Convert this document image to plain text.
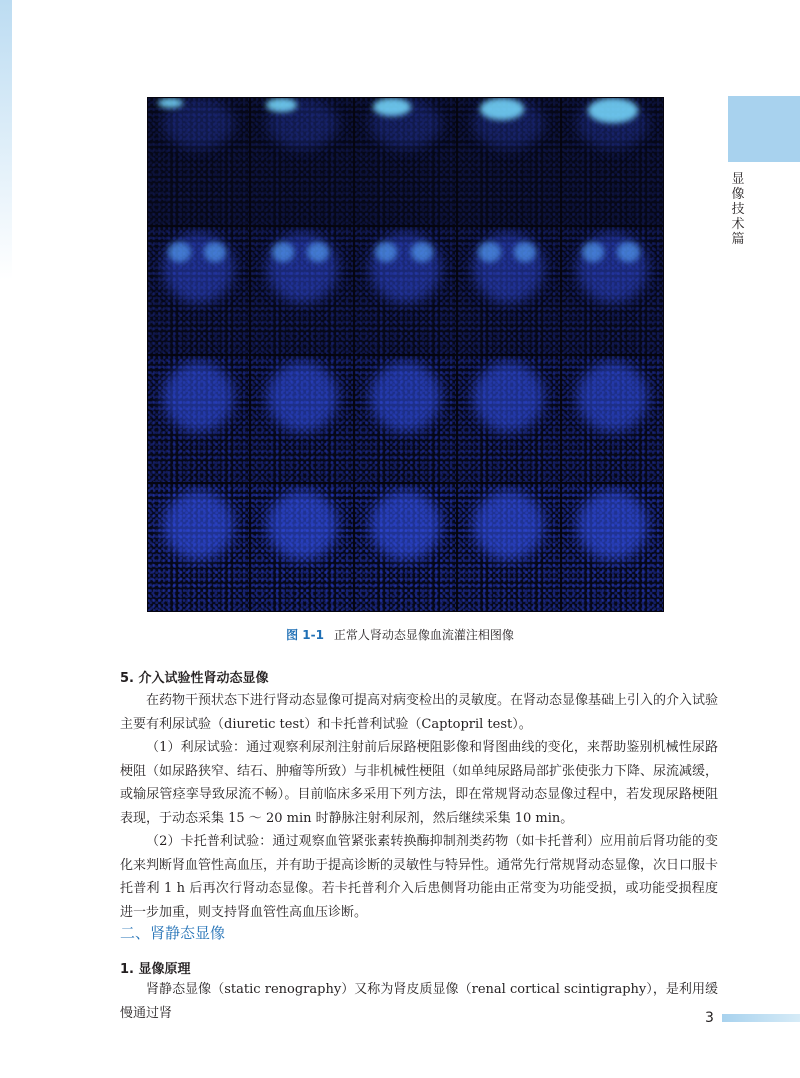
显像技术篇
L	R
图 1-1 正常人肾动态显像血流灌注相图像
5. 介入试验性肾动态显像

在药物干预状态下进行肾动态显像可提高对病变检出的灵敏度。在肾动态显像基础上引入的介入试验主要有利尿试验（diuretic test）和卡托普利试验（Captopril test）。

（1）利尿试验：通过观察利尿剂注射前后尿路梗阻影像和肾图曲线的变化，来帮助鉴别机械性尿路梗阻（如尿路狭窄、结石、肿瘤等所致）与非机械性梗阻（如单纯尿路局部扩张使张力下降、尿流减缓，或输尿管痉挛导致尿流不畅）。目前临床多采用下列方法，即在常规肾动态显像过程中，若发现尿路梗阻表现，于动态采集 15 ～ 20 min 时静脉注射利尿剂，然后继续采集 10 min。

（2）卡托普利试验：通过观察血管紧张素转换酶抑制剂类药物（如卡托普利）应用前后肾功能的变化来判断肾血管性高血压，并有助于提高诊断的灵敏性与特异性。通常先行常规肾动态显像，次日口服卡托普利 1 h 后再次行肾动态显像。若卡托普利介入后患侧肾功能由正常变为功能受损，或功能受损程度进一步加重，则支持肾血管性高血压诊断。

二、肾静态显像
1. 显像原理

肾静态显像（static renography）又称为肾皮质显像（renal cortical scintigraphy），是利用缓慢通过肾	3
